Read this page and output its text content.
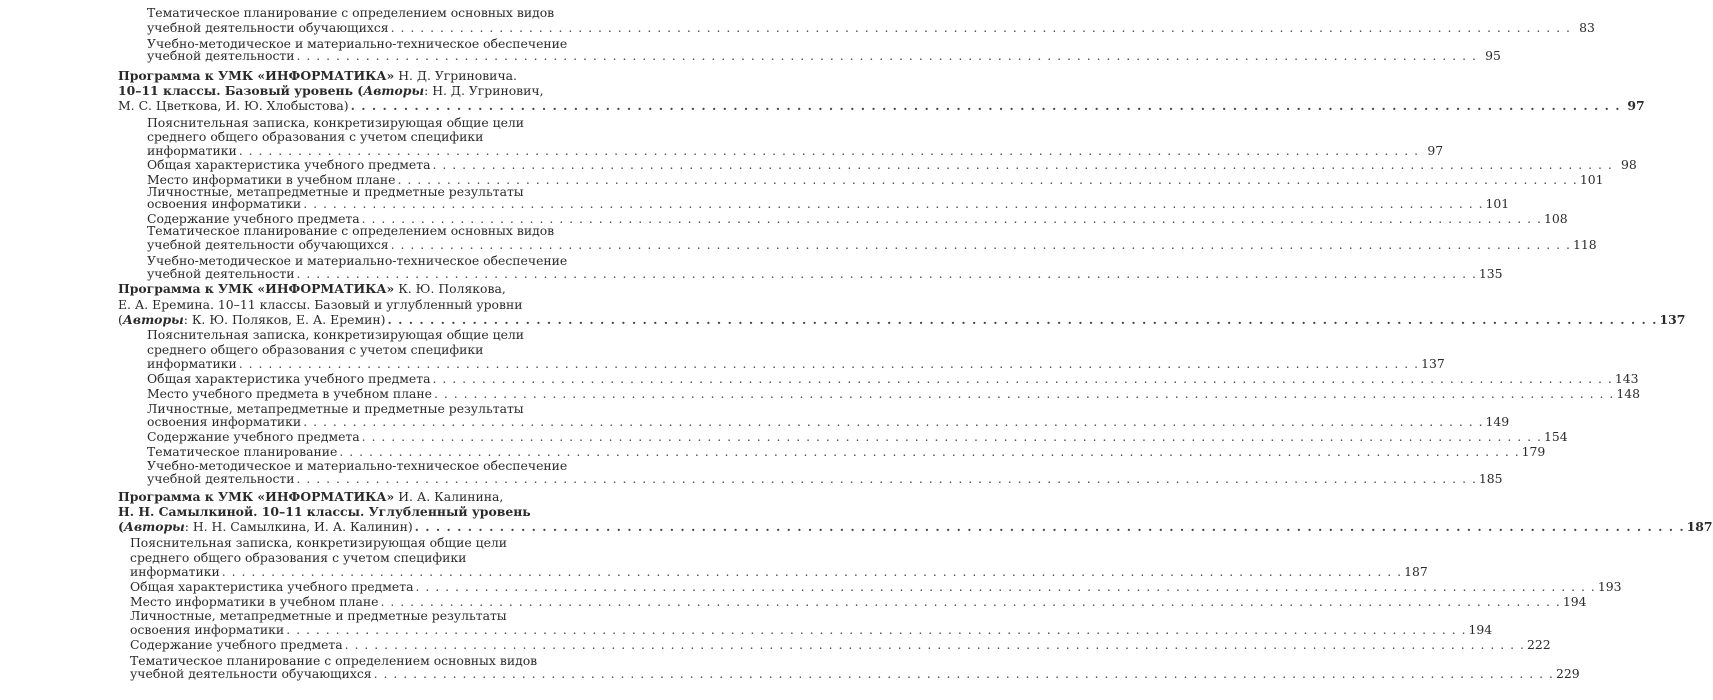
Тематическое планирование с определением основных видов
учебной деятельности обучающихся . . . . . . . . . . . . . . . . . . . . . . . . . . . . . . . . . . . . . . . . . . . . . . . . . . . . . . . . . . . . . . . . . . . . . . . . . . . . . . . . . . . . . . . . . . . . . . . . . . . . . . . . . . . . . . . . . . . . . . . . 83
Учебно-методическое и материально-техническое обеспечение
учебной деятельности . . . . . . . . . . . . . . . . . . . . . . . . . . . . . . . . . . . . . . . . . . . . . . . . . . . . . . . . . . . . . . . . . . . . . . . . . . . . . . . . . . . . . . . . . . . . . . . . . . . . . . . . . . . . . . . . . . . . . . . . 95
Программа к УМК «ИНФОРМАТИКА» Н. Д. Угриновича.
10–11 классы. Базовый уровень (Авторы: Н. Д. Угринович,
М. С. Цветкова, И. Ю. Хлобыстова) . . . . . . . . . . . . . . . . . . . . . . . . . . . . . . . . . . . . . . . . . . . . . . . . . . . . . . . . . . . . . . . . . . . . . . . . . . . . . . . . . . . . . . . . . . . . . . . . . . . . . . . . . . . . . . . . . . . . . . . . 97
Пояснительная записка, конкретизирующая общие цели
среднего общего образования с учетом специфики
информатики . . . . . . . . . . . . . . . . . . . . . . . . . . . . . . . . . . . . . . . . . . . . . . . . . . . . . . . . . . . . . . . . . . . . . . . . . . . . . . . . . . . . . . . . . . . . . . . . . . . . . . . . . . . . . . . . . . . . . . . . 97
Общая характеристика учебного предмета . . . . . . . . . . . . . . . . . . . . . . . . . . . . . . . . . . . . . . . . . . . . . . . . . . . . . . . . . . . . . . . . . . . . . . . . . . . . . . . . . . . . . . . . . . . . . . . . . . . . . . . . . . . . . . . . . . . . . . . . 98
Место информатики в учебном плане . . . . . . . . . . . . . . . . . . . . . . . . . . . . . . . . . . . . . . . . . . . . . . . . . . . . . . . . . . . . . . . . . . . . . . . . . . . . . . . . . . . . . . . . . . . . . . . . . . . . . . . . . . . . . . . . . . . . . . . . 101
Личностные, метапредметные и предметные результаты
освоения информатики . . . . . . . . . . . . . . . . . . . . . . . . . . . . . . . . . . . . . . . . . . . . . . . . . . . . . . . . . . . . . . . . . . . . . . . . . . . . . . . . . . . . . . . . . . . . . . . . . . . . . . . . . . . . . . . . . . . . . . . . 101
Содержание учебного предмета . . . . . . . . . . . . . . . . . . . . . . . . . . . . . . . . . . . . . . . . . . . . . . . . . . . . . . . . . . . . . . . . . . . . . . . . . . . . . . . . . . . . . . . . . . . . . . . . . . . . . . . . . . . . . . . . . . . . . . . . 108
Тематическое планирование с определением основных видов
учебной деятельности обучающихся . . . . . . . . . . . . . . . . . . . . . . . . . . . . . . . . . . . . . . . . . . . . . . . . . . . . . . . . . . . . . . . . . . . . . . . . . . . . . . . . . . . . . . . . . . . . . . . . . . . . . . . . . . . . . . . . . . . . . . . . 118
Учебно-методическое и материально-техническое обеспечение
учебной деятельности . . . . . . . . . . . . . . . . . . . . . . . . . . . . . . . . . . . . . . . . . . . . . . . . . . . . . . . . . . . . . . . . . . . . . . . . . . . . . . . . . . . . . . . . . . . . . . . . . . . . . . . . . . . . . . . . . . . . . . . . 135
Программа к УМК «ИНФОРМАТИКА» К. Ю. Полякова,
Е. А. Еремина. 10–11 классы. Базовый и углубленный уровни
(Авторы: К. Ю. Поляков, Е. А. Еремин) . . . . . . . . . . . . . . . . . . . . . . . . . . . . . . . . . . . . . . . . . . . . . . . . . . . . . . . . . . . . . . . . . . . . . . . . . . . . . . . . . . . . . . . . . . . . . . . . . . . . . . . . . . . . . . . . . . . . . . . . 137
Пояснительная записка, конкретизирующая общие цели
среднего общего образования с учетом специфики
информатики . . . . . . . . . . . . . . . . . . . . . . . . . . . . . . . . . . . . . . . . . . . . . . . . . . . . . . . . . . . . . . . . . . . . . . . . . . . . . . . . . . . . . . . . . . . . . . . . . . . . . . . . . . . . . . . . . . . . . . . . 137
Общая характеристика учебного предмета . . . . . . . . . . . . . . . . . . . . . . . . . . . . . . . . . . . . . . . . . . . . . . . . . . . . . . . . . . . . . . . . . . . . . . . . . . . . . . . . . . . . . . . . . . . . . . . . . . . . . . . . . . . . . . . . . . . . . . . . 143
Место учебного предмета в учебном плане . . . . . . . . . . . . . . . . . . . . . . . . . . . . . . . . . . . . . . . . . . . . . . . . . . . . . . . . . . . . . . . . . . . . . . . . . . . . . . . . . . . . . . . . . . . . . . . . . . . . . . . . . . . . . . . . . . . . . . . . 148
Личностные, метапредметные и предметные результаты
освоения информатики . . . . . . . . . . . . . . . . . . . . . . . . . . . . . . . . . . . . . . . . . . . . . . . . . . . . . . . . . . . . . . . . . . . . . . . . . . . . . . . . . . . . . . . . . . . . . . . . . . . . . . . . . . . . . . . . . . . . . . . . 149
Содержание учебного предмета . . . . . . . . . . . . . . . . . . . . . . . . . . . . . . . . . . . . . . . . . . . . . . . . . . . . . . . . . . . . . . . . . . . . . . . . . . . . . . . . . . . . . . . . . . . . . . . . . . . . . . . . . . . . . . . . . . . . . . . . 154
Тематическое планирование . . . . . . . . . . . . . . . . . . . . . . . . . . . . . . . . . . . . . . . . . . . . . . . . . . . . . . . . . . . . . . . . . . . . . . . . . . . . . . . . . . . . . . . . . . . . . . . . . . . . . . . . . . . . . . . . . . . . . . . . 179
Учебно-методическое и материально-техническое обеспечение
учебной деятельности . . . . . . . . . . . . . . . . . . . . . . . . . . . . . . . . . . . . . . . . . . . . . . . . . . . . . . . . . . . . . . . . . . . . . . . . . . . . . . . . . . . . . . . . . . . . . . . . . . . . . . . . . . . . . . . . . . . . . . . . 185
Программа к УМК «ИНФОРМАТИКА» И. А. Калинина,
Н. Н. Самылкиной. 10–11 классы. Углубленный уровень
(Авторы: Н. Н. Самылкина, И. А. Калинин) . . . . . . . . . . . . . . . . . . . . . . . . . . . . . . . . . . . . . . . . . . . . . . . . . . . . . . . . . . . . . . . . . . . . . . . . . . . . . . . . . . . . . . . . . . . . . . . . . . . . . . . . . . . . . . . . . . . . . . . . 187
Пояснительная записка, конкретизирующая общие цели
среднего общего образования с учетом специфики
информатики . . . . . . . . . . . . . . . . . . . . . . . . . . . . . . . . . . . . . . . . . . . . . . . . . . . . . . . . . . . . . . . . . . . . . . . . . . . . . . . . . . . . . . . . . . . . . . . . . . . . . . . . . . . . . . . . . . . . . . . . 187
Общая характеристика учебного предмета . . . . . . . . . . . . . . . . . . . . . . . . . . . . . . . . . . . . . . . . . . . . . . . . . . . . . . . . . . . . . . . . . . . . . . . . . . . . . . . . . . . . . . . . . . . . . . . . . . . . . . . . . . . . . . . . . . . . . . . . 193
Место информатики в учебном плане . . . . . . . . . . . . . . . . . . . . . . . . . . . . . . . . . . . . . . . . . . . . . . . . . . . . . . . . . . . . . . . . . . . . . . . . . . . . . . . . . . . . . . . . . . . . . . . . . . . . . . . . . . . . . . . . . . . . . . . . 194
Личностные, метапредметные и предметные результаты
освоения информатики . . . . . . . . . . . . . . . . . . . . . . . . . . . . . . . . . . . . . . . . . . . . . . . . . . . . . . . . . . . . . . . . . . . . . . . . . . . . . . . . . . . . . . . . . . . . . . . . . . . . . . . . . . . . . . . . . . . . . . . . 194
Содержание учебного предмета . . . . . . . . . . . . . . . . . . . . . . . . . . . . . . . . . . . . . . . . . . . . . . . . . . . . . . . . . . . . . . . . . . . . . . . . . . . . . . . . . . . . . . . . . . . . . . . . . . . . . . . . . . . . . . . . . . . . . . . . 222
Тематическое планирование с определением основных видов
учебной деятельности обучающихся . . . . . . . . . . . . . . . . . . . . . . . . . . . . . . . . . . . . . . . . . . . . . . . . . . . . . . . . . . . . . . . . . . . . . . . . . . . . . . . . . . . . . . . . . . . . . . . . . . . . . . . . . . . . . . . . . . . . . . . . 229
